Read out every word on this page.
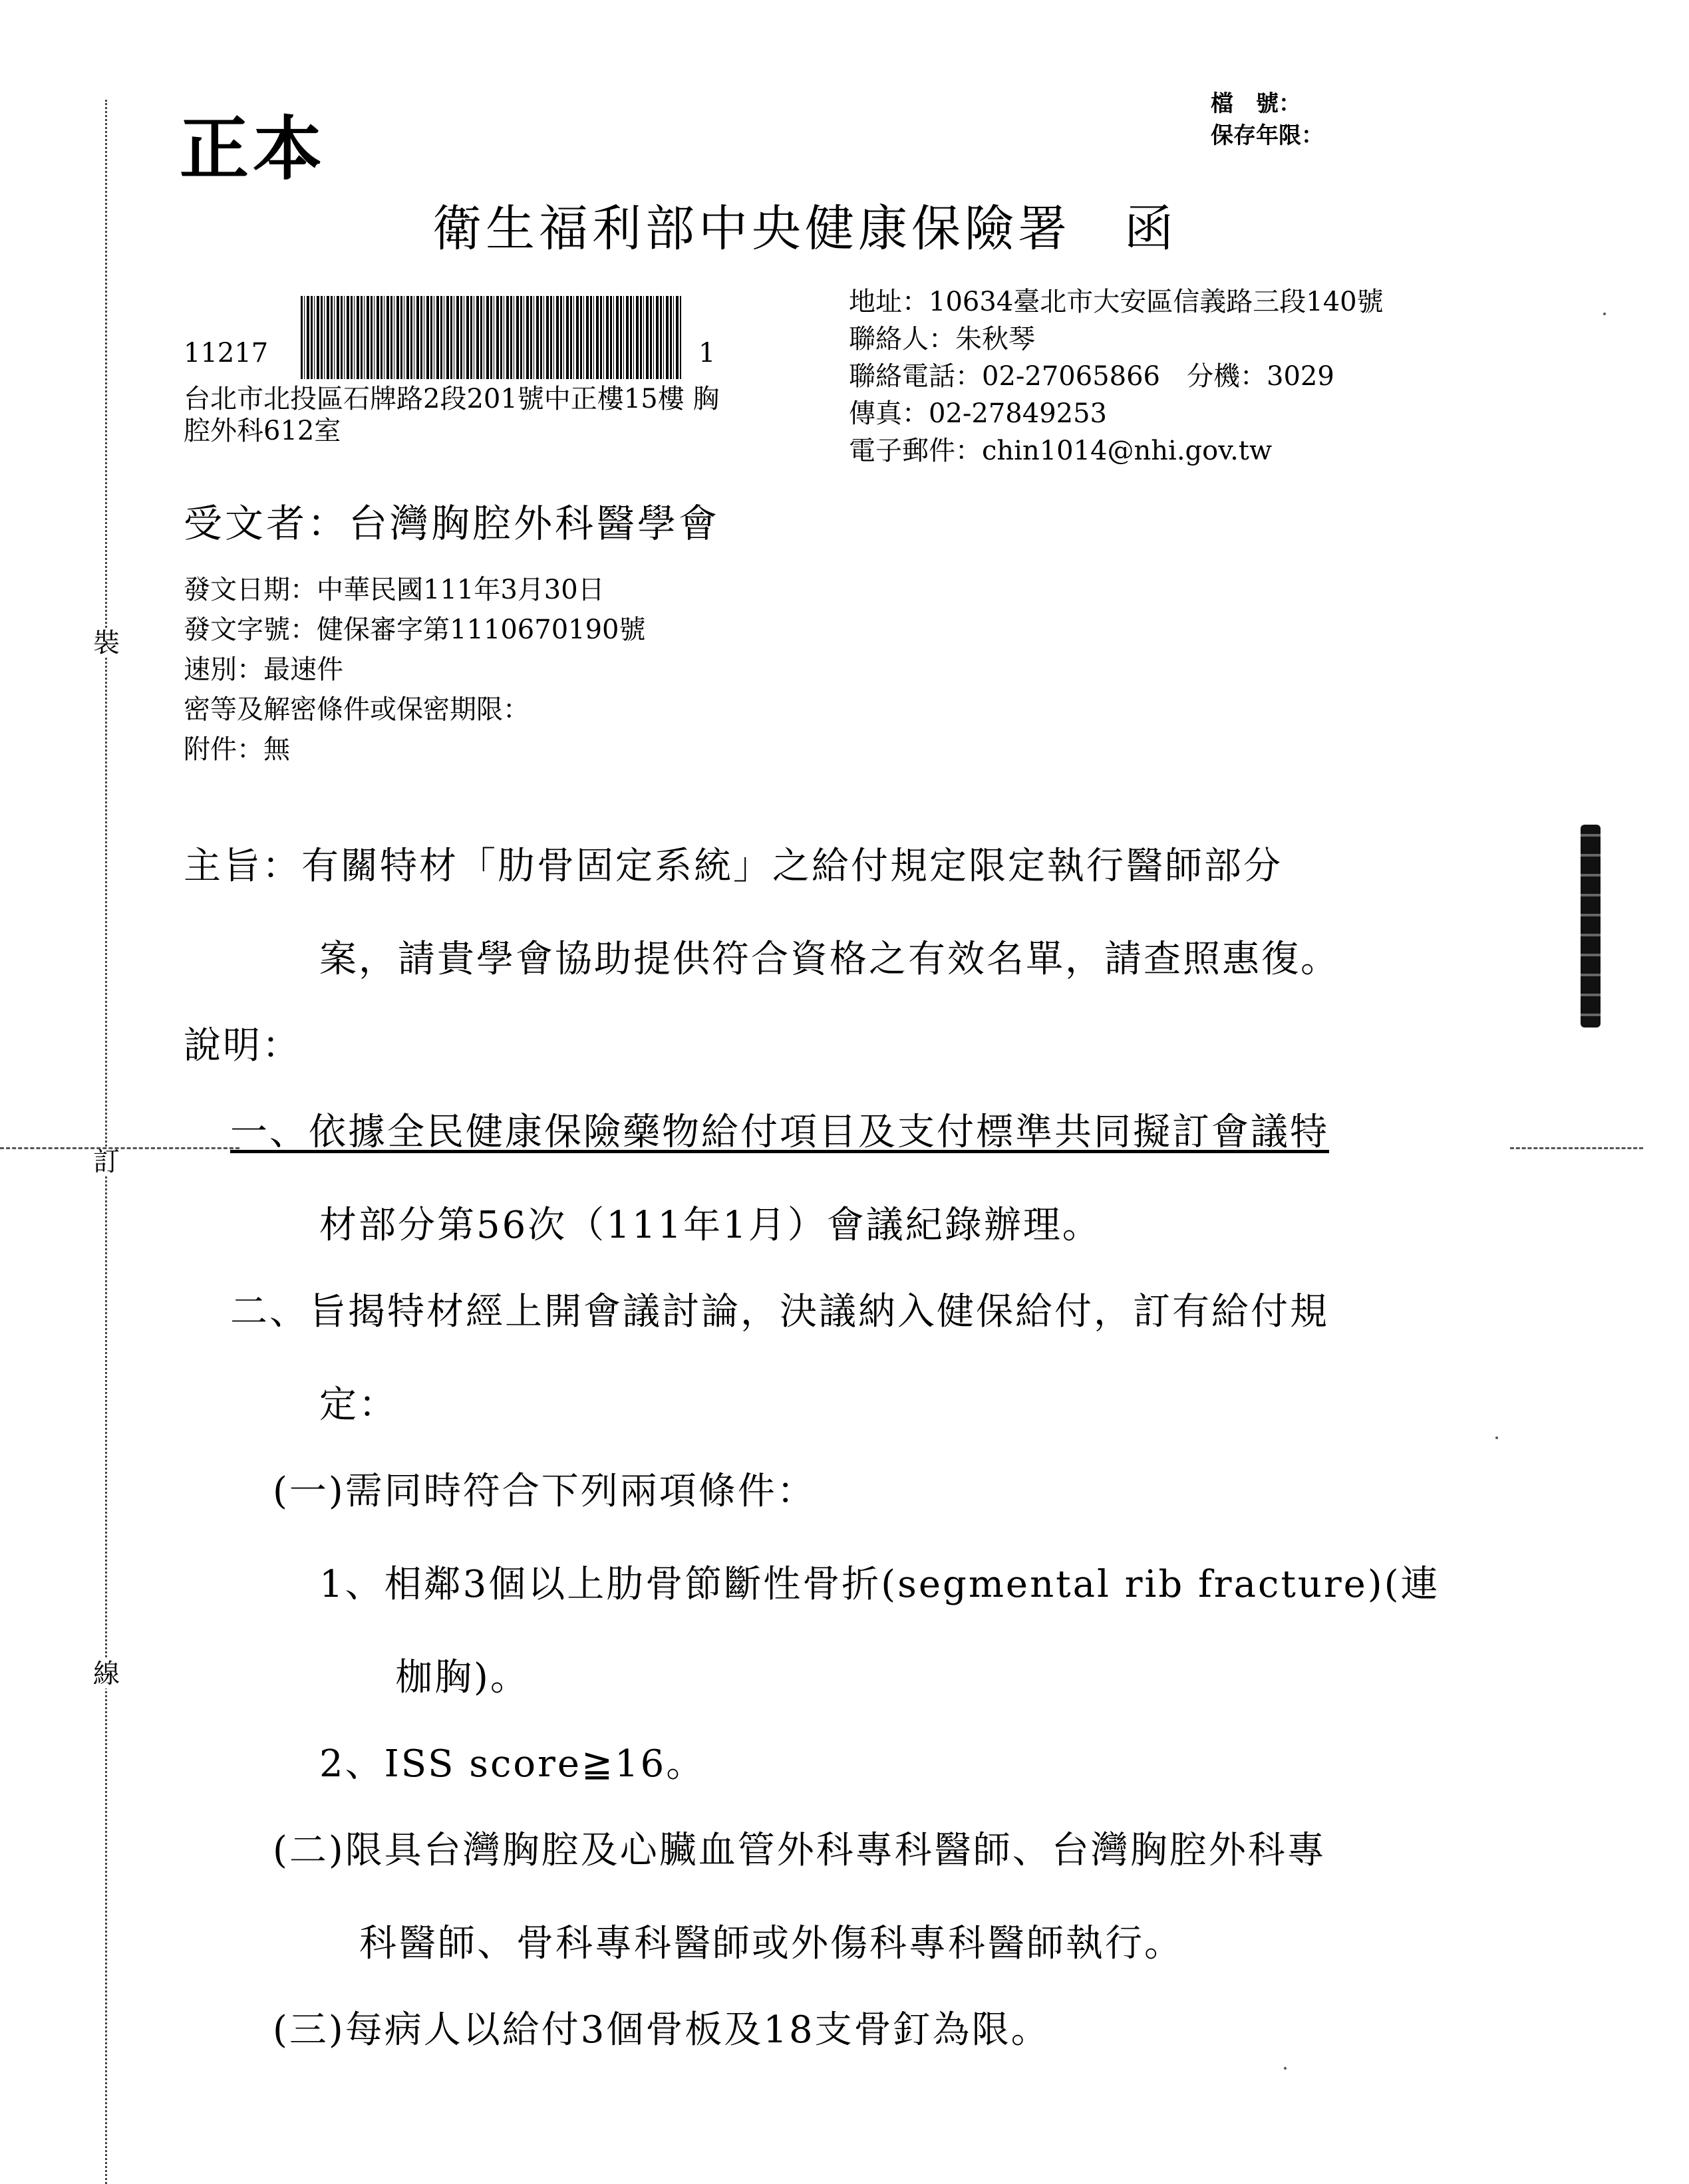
裝
訂
線
正本
檔　號：
保存年限：
衛生福利部中央健康保險署　函
11217	1
台北市北投區石牌路2段201號中正樓15樓 胸
腔外科612室
地址：10634臺北市大安區信義路三段140號
聯絡人：朱秋琴
聯絡電話：02-27065866　分機：3029
傳真：02-27849253
電子郵件：chin1014@nhi.gov.tw
受文者：台灣胸腔外科醫學會
發文日期：中華民國111年3月30日
發文字號：健保審字第1110670190號
速別：最速件
密等及解密條件或保密期限：
附件：無
主旨：有關特材「肋骨固定系統」之給付規定限定執行醫師部分
案，請貴學會協助提供符合資格之有效名單，請查照惠復。
說明：
一、依據全民健康保險藥物給付項目及支付標準共同擬訂會議特
材部分第56次（111年1月）會議紀錄辦理。
二、旨揭特材經上開會議討論，決議納入健保給付，訂有給付規
定：
(一)需同時符合下列兩項條件：
1、相鄰3個以上肋骨節斷性骨折(segmental rib fracture)(連
枷胸)。
2、ISS score≧16。
(二)限具台灣胸腔及心臟血管外科專科醫師、台灣胸腔外科專
科醫師、骨科專科醫師或外傷科專科醫師執行。
(三)每病人以給付3個骨板及18支骨釘為限。
